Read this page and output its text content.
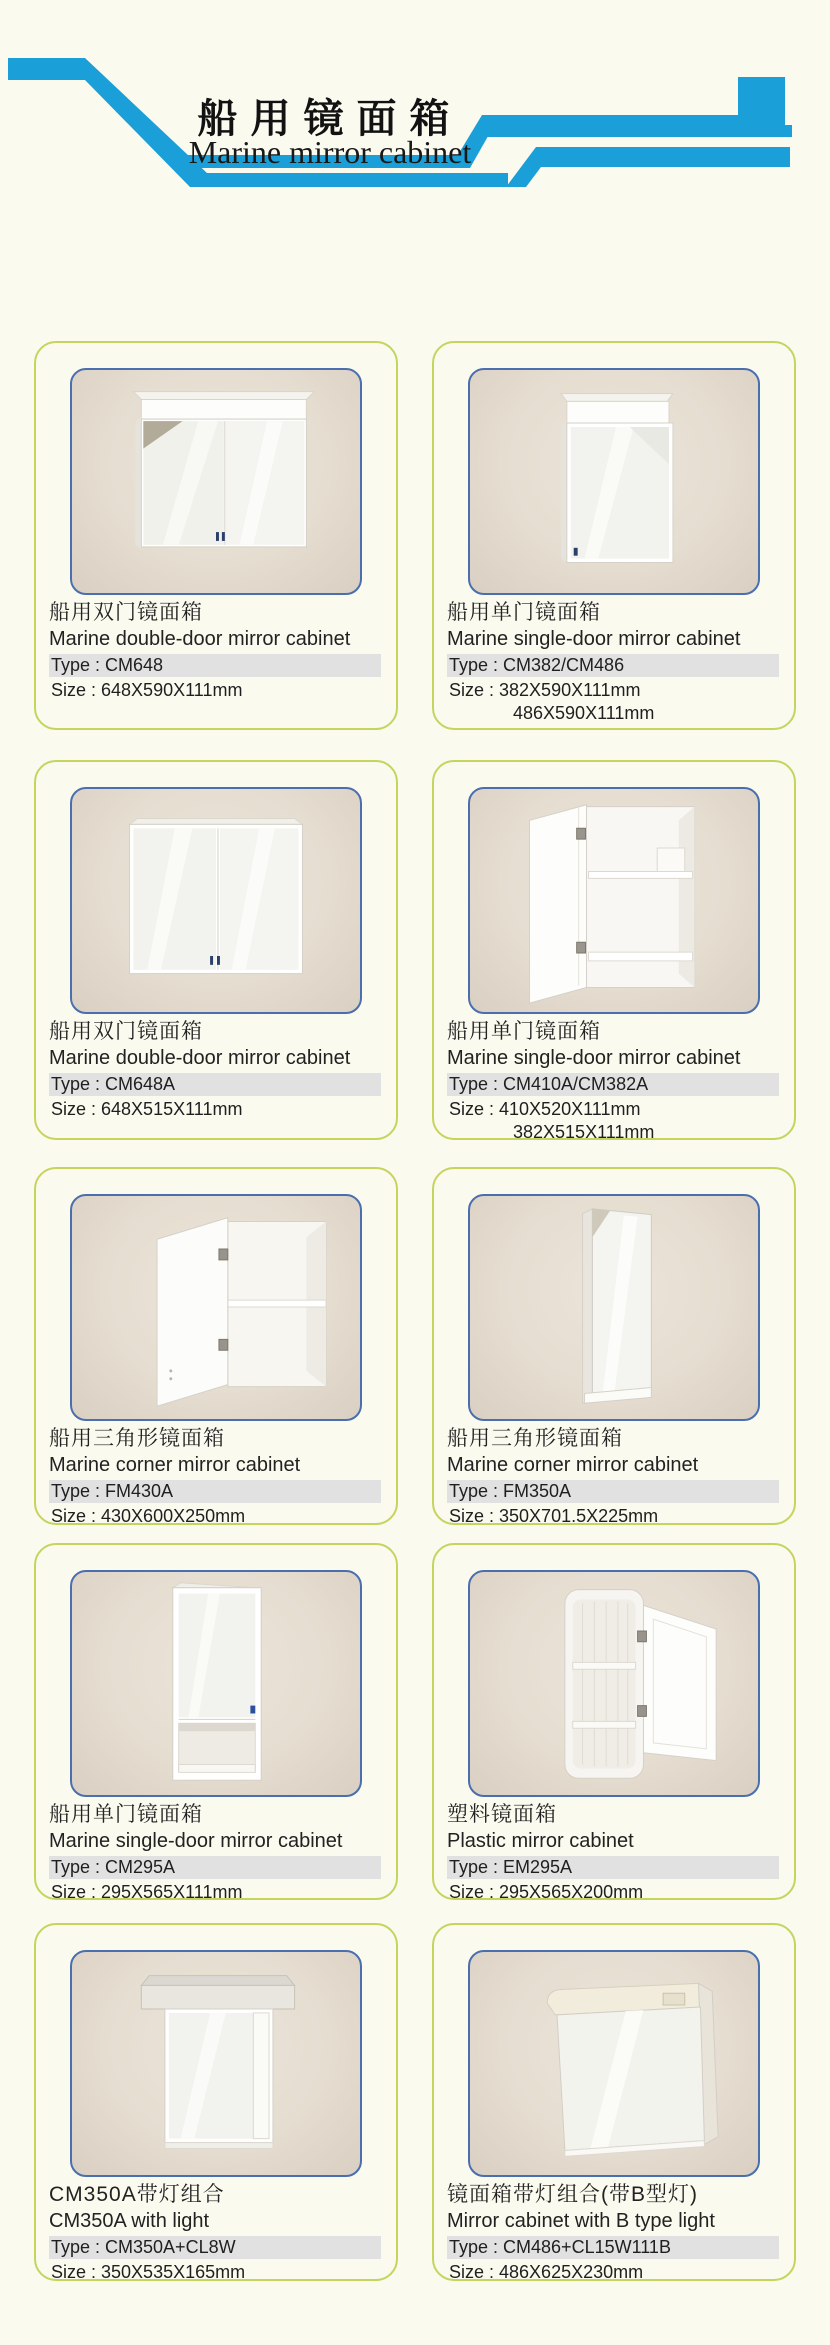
船用镜面箱
Marine mirror cabinet
船用双门镜面箱
Marine double-door mirror cabinet
Type : CM648
Size : 648X590X111mm
船用单门镜面箱
Marine single-door mirror cabinet
Type : CM382/CM486
Size : 382X590X111mm
486X590X111mm
船用双门镜面箱
Marine double-door mirror cabinet
Type : CM648A
Size : 648X515X111mm
船用单门镜面箱
Marine single-door mirror cabinet
Type : CM410A/CM382A
Size : 410X520X111mm
382X515X111mm
船用三角形镜面箱
Marine corner mirror cabinet
Type : FM430A
Size : 430X600X250mm
船用三角形镜面箱
Marine corner mirror cabinet
Type : FM350A
Size : 350X701.5X225mm
船用单门镜面箱
Marine single-door mirror cabinet
Type : CM295A
Size : 295X565X111mm
塑料镜面箱
Plastic mirror cabinet
Type : EM295A
Size : 295X565X200mm
CM350A带灯组合
CM350A with light
Type : CM350A+CL8W
Size : 350X535X165mm
镜面箱带灯组合(带B型灯)
Mirror cabinet with B type light
Type : CM486+CL15W111B
Size : 486X625X230mm
